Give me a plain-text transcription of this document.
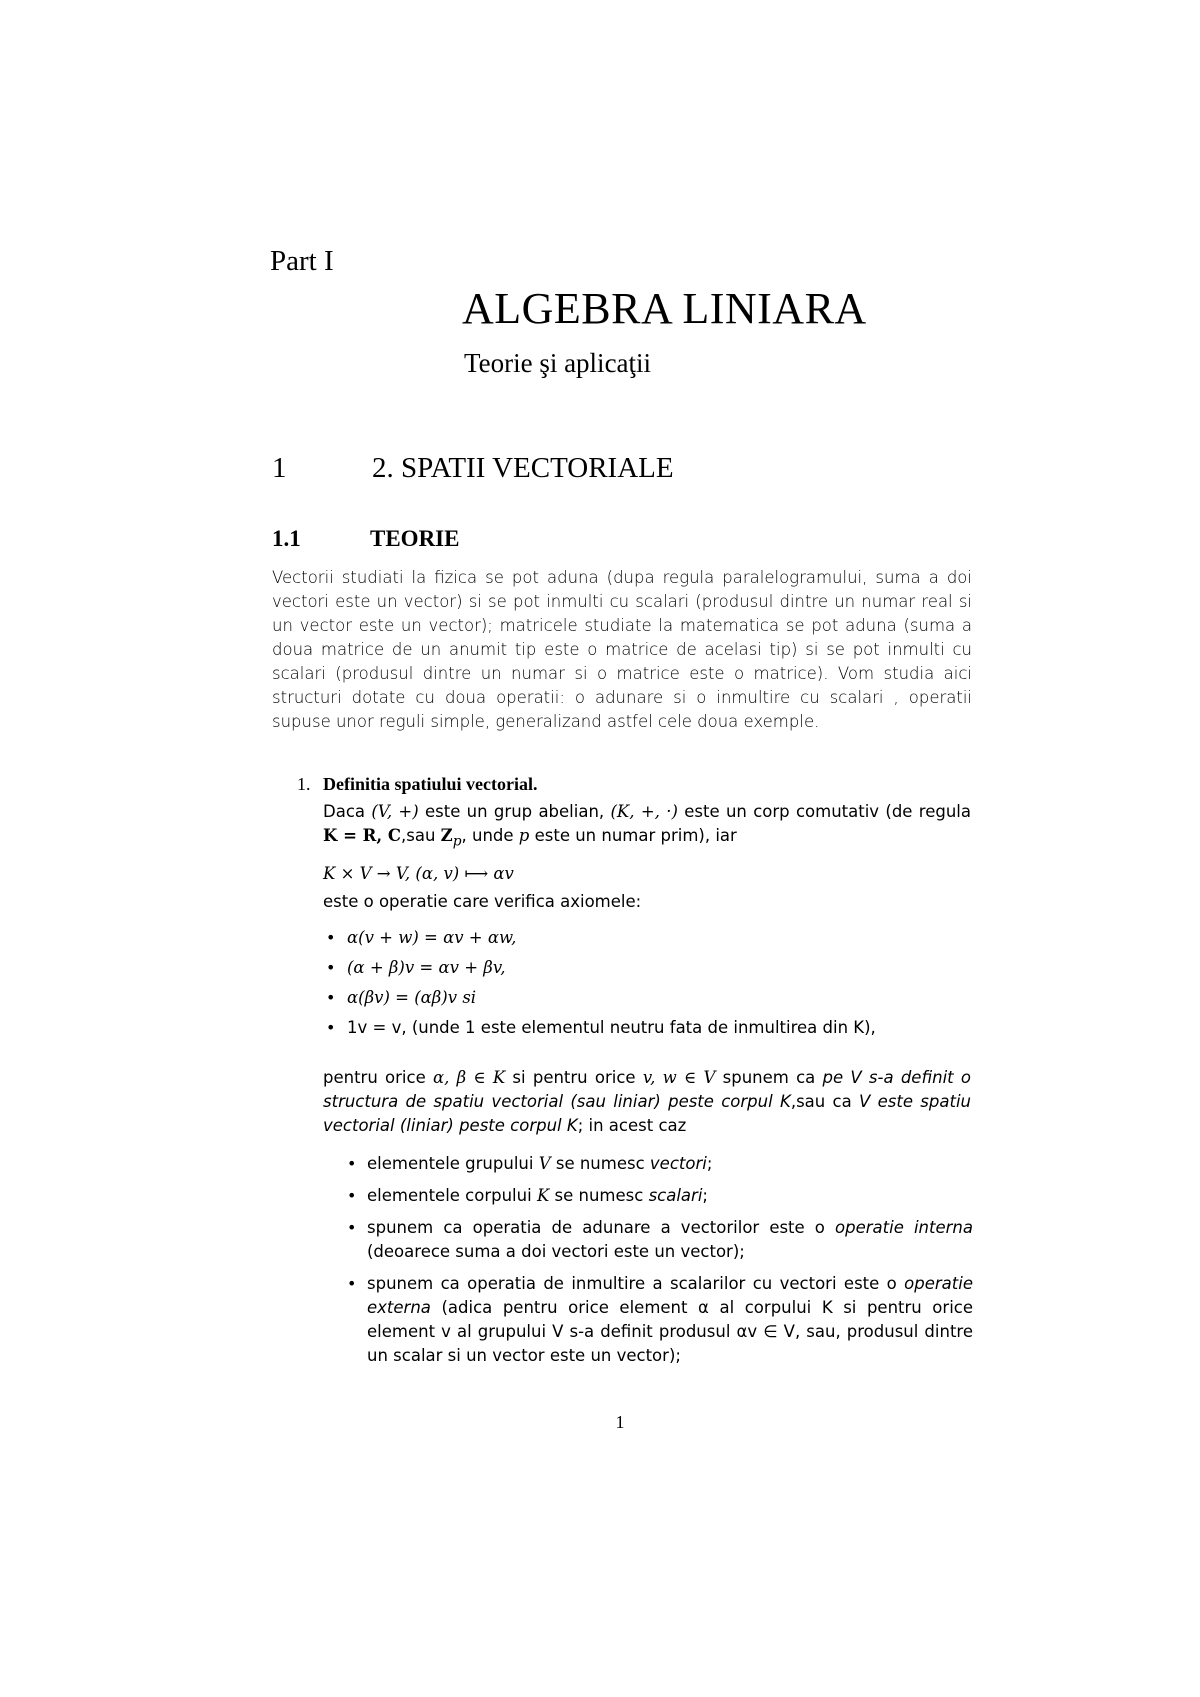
Part I
ALGEBRA LINIARA
Teorie şi aplicaţii
1	2. SPATII VECTORIALE
1.1	TEORIE

Vectorii studiati la fizica se pot aduna (dupa regula paralelogramului, suma a doi vectori este un vector) si se pot inmulti cu scalari (produsul dintre un numar real si un vector este un vector); matricele studiate la matematica se pot aduna (suma a doua matrice de un anumit tip este o matrice de acelasi tip) si se pot inmulti cu scalari (produsul dintre un numar si o matrice este o matrice). Vom studia aici structuri dotate cu doua operatii: o adunare si o inmultire cu scalari , operatii supuse unor reguli simple, generalizand astfel cele doua exemple.

1. Definitia spatiului vectorial.

Daca (V, +) este un grup abelian, (K, +, ·) este un corp comutativ (de regula K = R, C,sau $Z_p$, unde p este un numar prim), iar

K × V → V, (α, v) ⟼ αv
este o operatie care verifica axiomele:
• α(v + w) = αv + αw,
• (α + β)v = αv + βv,
• α(βv) = (αβ)v si
• 1v = v, (unde 1 este elementul neutru fata de inmultirea din K),

pentru orice α, β ∈ K si pentru orice v, w ∈ V spunem ca pe V s-a definit o structura de spatiu vectorial (sau liniar) peste corpul K,sau ca V este spatiu vectorial (liniar) peste corpul K; in acest caz

• elementele grupului V se numesc vectori;
• elementele corpului K se numesc scalari;
• spunem ca operatia de adunare a vectorilor este o operatie interna (deoarece suma a doi vectori este un vector);
• spunem ca operatia de inmultire a scalarilor cu vectori este o operatie externa (adica pentru orice element α al corpului K si pentru orice element v al grupului V s-a definit produsul αv ∈ V, sau, produsul dintre un scalar si un vector este un vector);
1
